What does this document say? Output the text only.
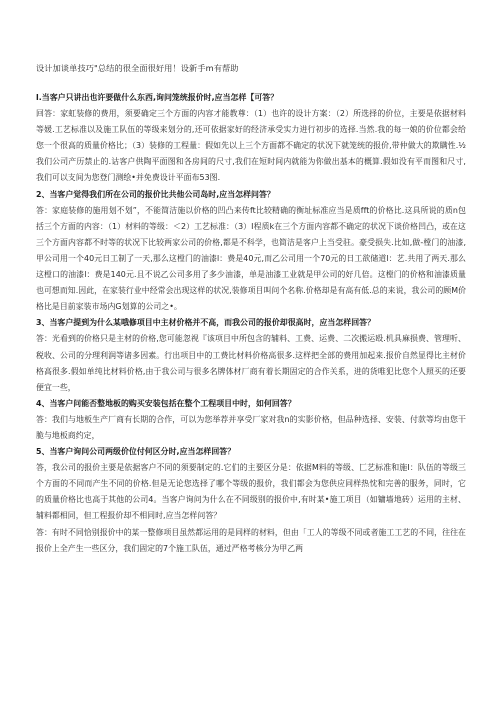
设计加谈单技巧"总结的很全面很好用！设新手m有帮助

l.当客户只讲出也许要做什么东西,询问笼统报价时,应当怎样【可答？

回答：家虹装修的费用，须要确定三个方面的内容才能教尊：（1）也许的设计方案：（2）所选择的价位，主要是依据材料等媛.工艺标准以及施工队伍的等级来划分的,还可依据家好的经济承受实力进行初步的选择.当然.我的每一娘的价位都会给您一个很高的质量价格比；（3）装修的工程量：假如先以上三个方面都不确定的状况下就笼统的报价,带仲做大的欺瞒性.½我们公司产历禁止的.诂客户供陶平面图和各房间的尺寸,我们在短时间内就能为你做出基本的概算.假如没有平而图和尺寸,我们可以支间为您登门测绘•并免费设计平面布53图.

2、当客户觉得我们所在公司的报价比共他公司岛时,应当怎样问答？

答：家庭装修的施用划不划”，不能简洁施以价格的凹凸来传ft比较精确的衡址标准应当是质fft的价格比.这具所说的质n包括三个方面的内容：（1）材料的等级：＜2）工艺标准：（3）I程质k在三个方面内容都不确定的状况下谈价格凹凸，或在这三个方面内容都不时等的状况下比较两家公司的价格,都是不科学，也简洁是客户上当受驻。豪受损失.比如,做-樘门的油漆,甲公司用一个40元日工制了一天,那么这樘门的油漆l：费是40元,而乙公司用一个70元的日工欲储道l：艺.共用了两天.那么这樘口的油漆l：费是140元.且不说乙公司多用了多少油漆，单是油漆工业就是甲公司的好几倍。这樘门的价格和油漆质量也可想而知.因此，在家装行业中经常会出现这样的状况,装修项目叫问个名称.价格却是有高有低.总的来说，我公司的顾M价格比是目前家装市场内G划算的公司之•。

3、当客户提到为什么某哦修项目中主材价格并不高，而我公司的报价却很高时，应当怎样回答？

答：光看到的价格只是主材的价格,您可能忽视『该项目中所包含的辅料、工费、运费、二次搬运殴.机具麻损费、管理听、税收、公司的分理利润等诸多因素。行出项目中的工费比材料价格高很多.这样把全部的费用加起来.报价自然显得比主材价格高很多.假如单纯比材料价格,由于我公司与很多名牌体材厂商有着长期固定的合作关系，进的货唯犯比您个人照买的还要便宜一些，

4、当客户问能否整地板的购买安装包括在整个工程项目中时，如何回答？

答：我们与地板生产厂商有长期的合作，可以为您举荐并享受厂家对我n的实影价格，但品种选择、安装、付款等均由您干脆与地板商约定，

5、当客户询问公司两级价位付何区分时,应当怎样回答？

答，我公司的报价主要是依据客户不同的须要制定的.它们的主要区分是：依据M料的等级、匚艺标准和施I：队伍的等级三个方面的不同而产生不同的价格.但是无论您选择了哪个等级的报价，我们都会为您供应同样热忱和完善的服务，同时，它的质量价格比也高于其他的公司4。当客户询问为什么在不同级别的报价中,有时某•施工项目（如镛墙地砖）运用的主材、辅料都相同，但工程报价却不相同时,应当怎样问答？

答：有时不同恰别报价中的某一整修项目虽然都运用的是同样的材料，但由「工人的等级不同或者施工工艺的不同，往往在报价上全产生一些区分，我们固定的7个施工队伍，通过严格考核分为甲乙两
